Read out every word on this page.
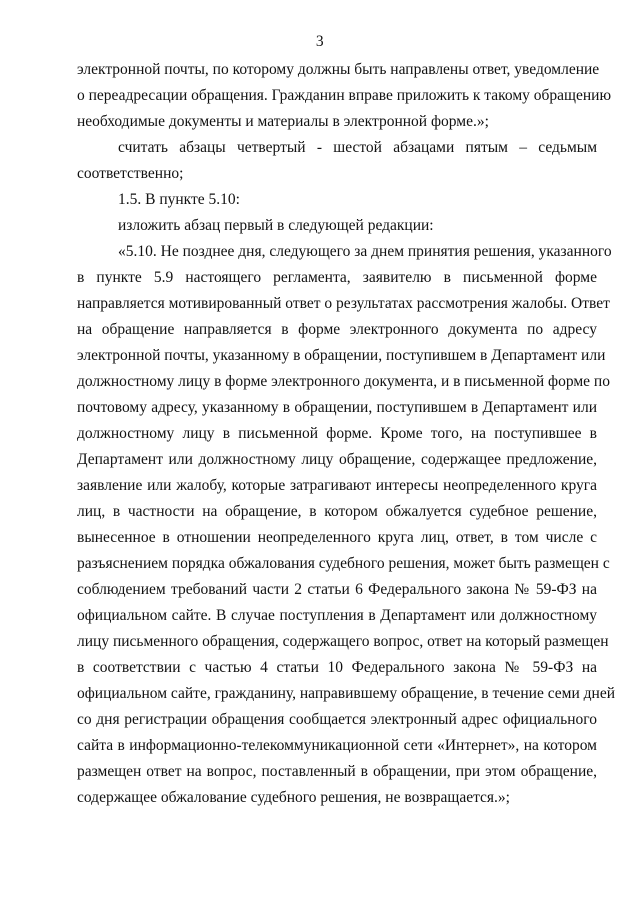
3
электронной почты, по которому должны быть направлены ответ, уведомление
о переадресации обращения. Гражданин вправе приложить к такому обращению
необходимые документы и материалы в электронной форме.»;
считать абзацы четвертый - шестой абзацами пятым – седьмым
соответственно;
1.5. В пункте 5.10:
изложить абзац первый в следующей редакции:
«5.10. Не позднее дня, следующего за днем принятия решения, указанного
в пункте 5.9 настоящего регламента, заявителю в письменной форме
направляется мотивированный ответ о результатах рассмотрения жалобы. Ответ
на обращение направляется в форме электронного документа по адресу
электронной почты, указанному в обращении, поступившем в Департамент или
должностному лицу в форме электронного документа, и в письменной форме по
почтовому адресу, указанному в обращении, поступившем в Департамент или
должностному лицу в письменной форме. Кроме того, на поступившее в
Департамент или должностному лицу обращение, содержащее предложение,
заявление или жалобу, которые затрагивают интересы неопределенного круга
лиц, в частности на обращение, в котором обжалуется судебное решение,
вынесенное в отношении неопределенного круга лиц, ответ, в том числе с
разъяснением порядка обжалования судебного решения, может быть размещен с
соблюдением требований части 2 статьи 6 Федерального закона № 59-ФЗ на
официальном сайте. В случае поступления в Департамент или должностному
лицу письменного обращения, содержащего вопрос, ответ на который размещен
в соответствии с частью 4 статьи 10 Федерального закона № 59-ФЗ на
официальном сайте, гражданину, направившему обращение, в течение семи дней
со дня регистрации обращения сообщается электронный адрес официального
сайта в информационно-телекоммуникационной сети «Интернет», на котором
размещен ответ на вопрос, поставленный в обращении, при этом обращение,
содержащее обжалование судебного решения, не возвращается.»;
